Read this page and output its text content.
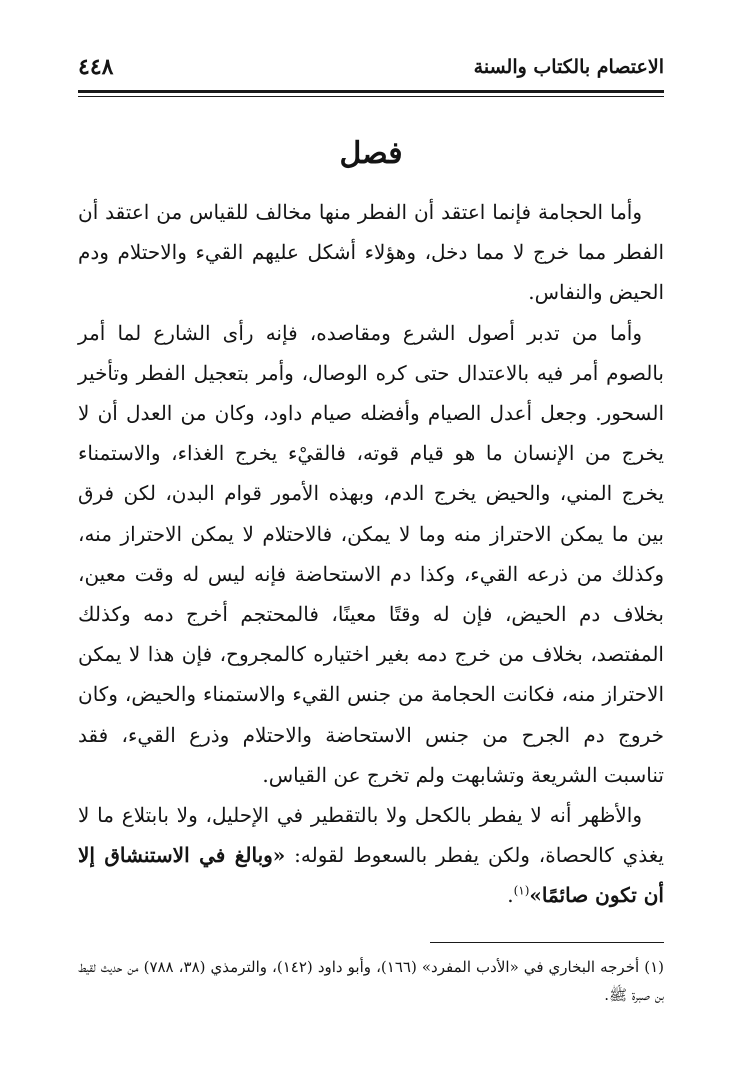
الاعتصام بالكتاب والسنة
٤٤٨
فصل

وأما الحجامة فإنما اعتقد أن الفطر منها مخالف للقياس من اعتقد أن الفطر مما خرج لا مما دخل، وهؤلاء أشكل عليهم القيء والاحتلام ودم الحيض والنفاس.

وأما من تدبر أصول الشرع ومقاصده، فإنه رأى الشارع لما أمر بالصوم أمر فيه بالاعتدال حتى كره الوصال، وأمر بتعجيل الفطر وتأخير السحور. وجعل أعدل الصيام وأفضله صيام داود، وكان من العدل أن لا يخرج من الإنسان ما هو قيام قوته، فالقيْء يخرج الغذاء، والاستمناء يخرج المني، والحيض يخرج الدم، وبهذه الأمور قوام البدن، لكن فرق بين ما يمكن الاحتراز منه وما لا يمكن، فالاحتلام لا يمكن الاحتراز منه، وكذلك من ذرعه القيء، وكذا دم الاستحاضة فإنه ليس له وقت معين، بخلاف دم الحيض، فإن له وقتًا معينًا، فالمحتجم أخرج دمه وكذلك المفتصد، بخلاف من خرج دمه بغير اختياره كالمجروح، فإن هذا لا يمكن الاحتراز منه، فكانت الحجامة من جنس القيء والاستمناء والحيض، وكان خروج دم الجرح من جنس الاستحاضة والاحتلام وذرع القيء، فقد تناسبت الشريعة وتشابهت ولم تخرج عن القياس.

والأظهر أنه لا يفطر بالكحل ولا بالتقطير في الإحليل، ولا بابتلاع ما لا يغذي كالحصاة، ولكن يفطر بالسعوط لقوله: «وبالغ في الاستنشاق إلا أن تكون صائمًا»$^{(١)}$.

(١) أخرجه البخاري في «الأدب المفرد» (١٦٦)، وأبو داود (١٤٢)، والترمذي (٣٨، ٧٨٨) من حديث لقيط بن صبرة ﷺ.
